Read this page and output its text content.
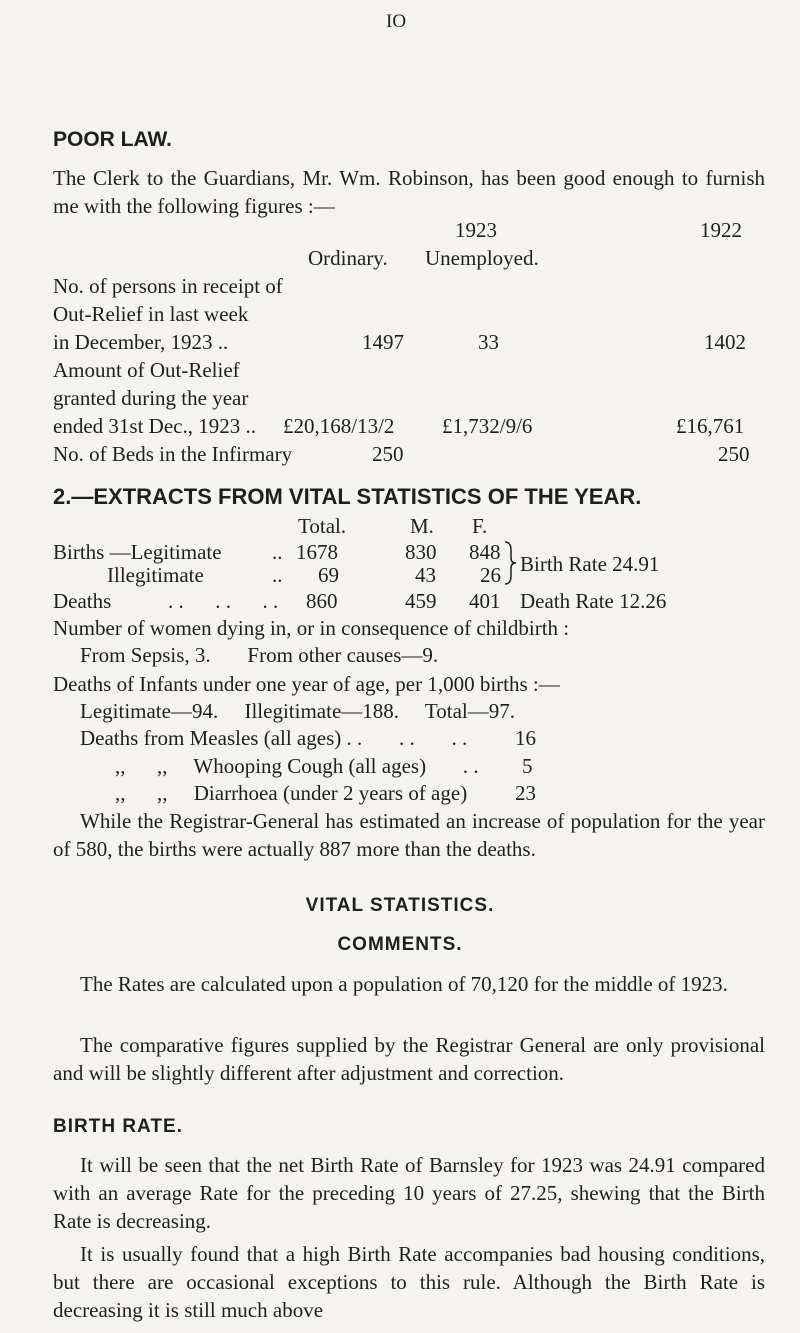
IO
POOR LAW.
The Clerk to the Guardians, Mr. Wm. Robinson, has been good enough to furnish me with the following figures :—
1923	1922
Ordinary. Unemployed.
No. of persons in receipt of
Out-Relief in last week
in December, 1923 ..	1497	33	1402
Amount of Out-Relief
granted during the year
ended 31st Dec., 1923 .. £20,168/13/2 £1,732/9/6	£16,761
No. of Beds in the Infirmary	250	250
2.—EXTRACTS FROM VITAL STATISTICS OF THE YEAR.
Total.	M. F.
Births —Legitimate .. 1678	830 848
Illegitimate	.. 69	43 26 Birth Rate 24.91
Deaths	. .      . .      . . 860	459 401 Death Rate 12.26
Number of women dying in, or in consequence of childbirth :
From Sepsis, 3.       From other causes—9.
Deaths of Infants under one year of age, per 1,000 births :—
Legitimate—94.     Illegitimate—188.     Total—97.
Deaths from Measles (all ages) . .       . .       . . 16
,,      ,,     Whooping Cough (all ages)       . . 5
,,      ,,     Diarrhoea (under 2 years of age) 23
While the Registrar-General has estimated an increase of population for the year of 580, the births were actually 887 more than the deaths.
VITAL STATISTICS.
COMMENTS.
The Rates are calculated upon a population of 70,120 for the middle of 1923.
The comparative figures supplied by the Registrar General are only provisional and will be slightly different after adjustment and correction.
BIRTH RATE.
It will be seen that the net Birth Rate of Barnsley for 1923 was 24.91 compared with an average Rate for the preceding 10 years of 27.25, shewing that the Birth Rate is decreasing.
It is usually found that a high Birth Rate accompanies bad housing conditions, but there are occasional exceptions to this rule. Although the Birth Rate is decreasing it is still much above
